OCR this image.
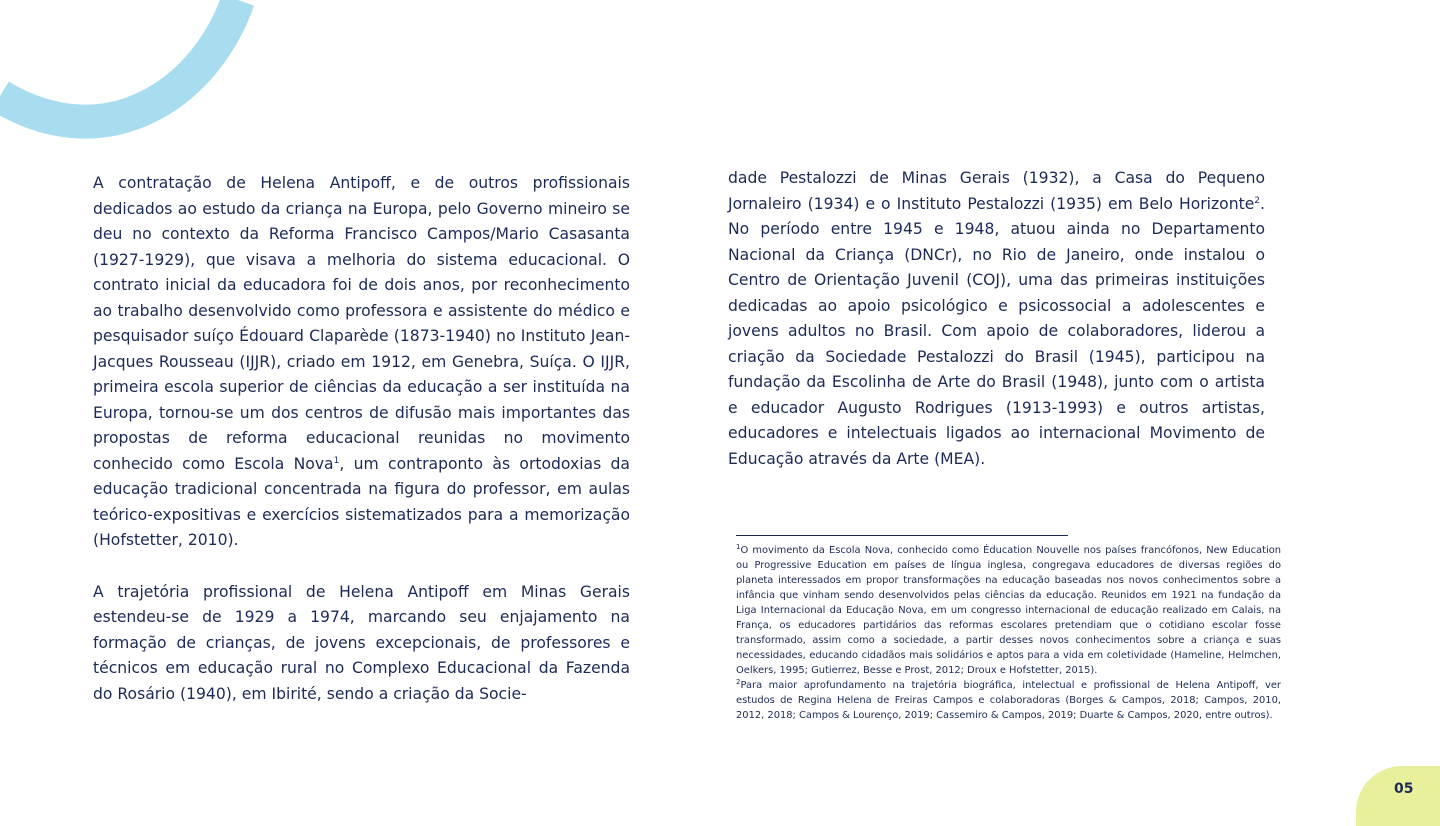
A contratação de Helena Antipoff, e de outros profissionais dedicados ao estudo da criança na Europa, pelo Governo mineiro se deu no contexto da Reforma Francisco Campos/Mario Casasanta (1927-1929), que visava a melhoria do sistema educacional. O contrato inicial da educadora foi de dois anos, por reconhecimento ao trabalho desenvolvido como professora e assistente do médico e pesquisador suíço Édouard Claparède (1873-1940) no Instituto Jean-Jacques Rousseau (IJJR), criado em 1912, em Genebra, Suíça. O IJJR, primeira escola superior de ciências da educação a ser instituída na Europa, tornou-se um dos centros de difusão mais importantes das propostas de reforma educacional reunidas no movimento conhecido como Escola Nova$^1$, um contraponto às ortodoxias da educação tradicional concentrada na figura do professor, em aulas teórico-expositivas e exercícios sistematizados para a memorização (Hofstetter, 2010).

A trajetória profissional de Helena Antipoff em Minas Gerais estendeu-se de 1929 a 1974, marcando seu enjajamento na formação de crianças, de jovens excepcionais, de professores e técnicos em educação rural no Complexo Educacional da Fazenda do Rosário (1940), em Ibirité, sendo a criação da Socie-

dade Pestalozzi de Minas Gerais (1932), a Casa do Pequeno Jornaleiro (1934) e o Instituto Pestalozzi (1935) em Belo Horizonte$^2$. No período entre 1945 e 1948, atuou ainda no Departamento Nacional da Criança (DNCr), no Rio de Janeiro, onde instalou o Centro de Orientação Juvenil (COJ), uma das primeiras instituições dedicadas ao apoio psicológico e psicossocial a adolescentes e jovens adultos no Brasil. Com apoio de colaboradores, liderou a criação da Sociedade Pestalozzi do Brasil (1945), participou na fundação da Escolinha de Arte do Brasil (1948), junto com o artista e educador Augusto Rodrigues (1913-1993) e outros artistas, educadores e intelectuais ligados ao internacional Movimento de Educação através da Arte (MEA).

$^1$O movimento da Escola Nova, conhecido como Éducation Nouvelle nos países francófonos, New Education ou Progressive Education em países de língua inglesa, congregava educadores de diversas regiões do planeta interessados em propor transformações na educação baseadas nos novos conhecimentos sobre a infância que vinham sendo desenvolvidos pelas ciências da educação. Reunidos em 1921 na fundação da Liga Internacional da Educação Nova, em um congresso internacional de educação realizado em Calais, na França, os educadores partidários das reformas escolares pretendiam que o cotidiano escolar fosse transformado, assim como a sociedade, a partir desses novos conhecimentos sobre a criança e suas necessidades, educando cidadãos mais solidários e aptos para a vida em coletividade (Hameline, Helmchen, Oelkers, 1995; Gutierrez, Besse e Prost, 2012; Droux e Hofstetter, 2015).

$^2$Para maior aprofundamento na trajetória biográfica, intelectual e profissional de Helena Antipoff, ver estudos de Regina Helena de Freiras Campos e colaboradoras (Borges & Campos, 2018; Campos, 2010, 2012, 2018; Campos & Lourenço, 2019; Cassemiro & Campos, 2019; Duarte & Campos, 2020, entre outros).

05
